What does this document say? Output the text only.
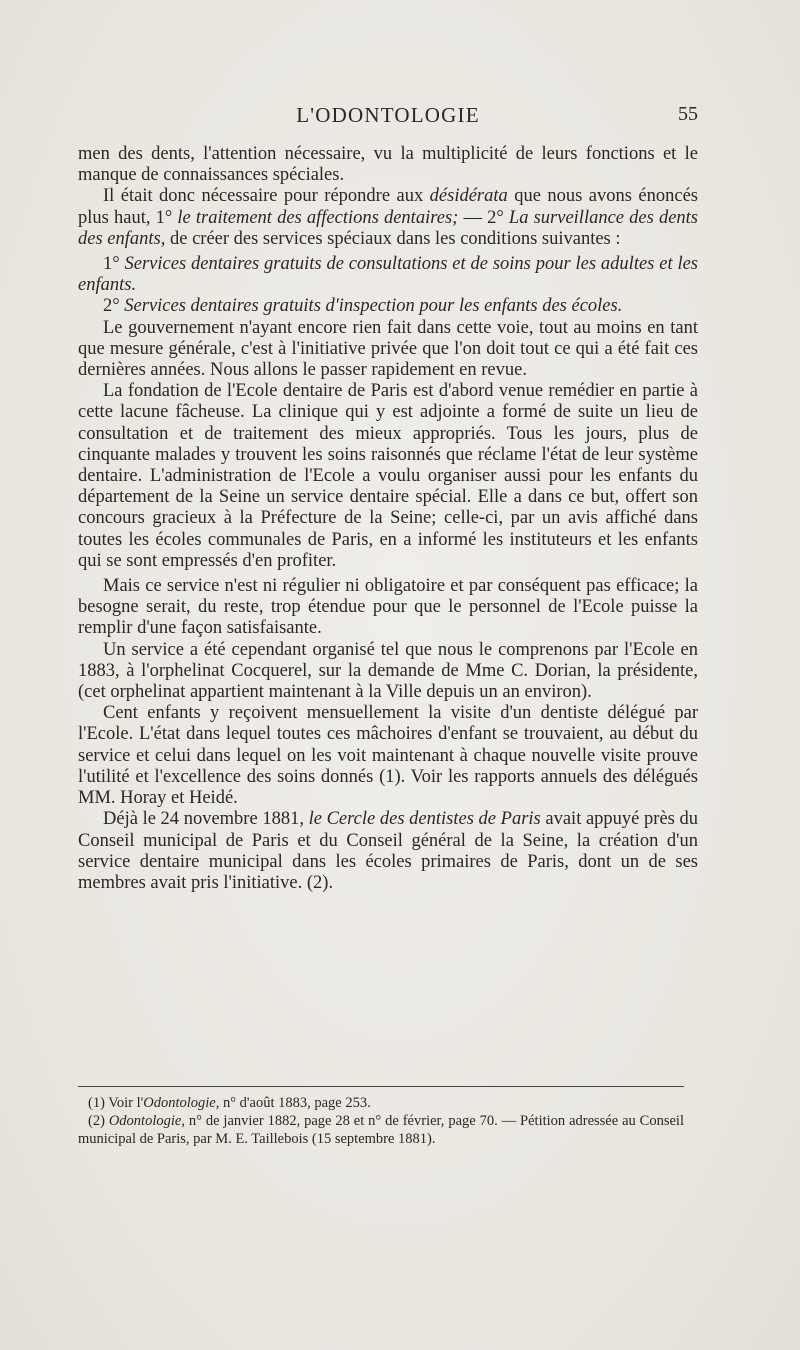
L'ODONTOLOGIE	55

men des dents, l'attention nécessaire, vu la multiplicité de leurs fonctions et le manque de connaissances spéciales.

Il était donc nécessaire pour répondre aux désidérata que nous avons énoncés plus haut, 1° le traitement des affections dentaires; — 2° La surveillance des dents des enfants, de créer des services spéciaux dans les conditions suivantes :

1° Services dentaires gratuits de consultations et de soins pour les adultes et les enfants.

2° Services dentaires gratuits d'inspection pour les enfants des écoles.

Le gouvernement n'ayant encore rien fait dans cette voie, tout au moins en tant que mesure générale, c'est à l'initiative privée que l'on doit tout ce qui a été fait ces dernières années. Nous allons le passer rapidement en revue.

La fondation de l'Ecole dentaire de Paris est d'abord venue remédier en partie à cette lacune fâcheuse. La clinique qui y est adjointe a formé de suite un lieu de consultation et de traitement des mieux appropriés. Tous les jours, plus de cinquante malades y trouvent les soins raisonnés que réclame l'état de leur système dentaire. L'administration de l'Ecole a voulu organiser aussi pour les enfants du département de la Seine un service dentaire spécial. Elle a dans ce but, offert son concours gracieux à la Préfecture de la Seine; celle-ci, par un avis affiché dans toutes les écoles communales de Paris, en a informé les instituteurs et les enfants qui se sont empressés d'en profiter.

Mais ce service n'est ni régulier ni obligatoire et par conséquent pas efficace; la besogne serait, du reste, trop étendue pour que le personnel de l'Ecole puisse la remplir d'une façon satisfaisante.

Un service a été cependant organisé tel que nous le comprenons par l'Ecole en 1883, à l'orphelinat Cocquerel, sur la demande de Mme C. Dorian, la présidente, (cet orphelinat appartient maintenant à la Ville depuis un an environ).

Cent enfants y reçoivent mensuellement la visite d'un dentiste délégué par l'Ecole. L'état dans lequel toutes ces mâchoires d'enfant se trouvaient, au début du service et celui dans lequel on les voit maintenant à chaque nouvelle visite prouve l'utilité et l'excellence des soins donnés (1). Voir les rapports annuels des délégués MM. Horay et Heidé.

Déjà le 24 novembre 1881, le Cercle des dentistes de Paris avait appuyé près du Conseil municipal de Paris et du Conseil général de la Seine, la création d'un service dentaire municipal dans les écoles primaires de Paris, dont un de ses membres avait pris l'initiative. (2).

(1) Voir l'Odontologie, n° d'août 1883, page 253.

(2) Odontologie, n° de janvier 1882, page 28 et n° de février, page 70. — Pétition adressée au Conseil municipal de Paris, par M. E. Taillebois (15 septembre 1881).
